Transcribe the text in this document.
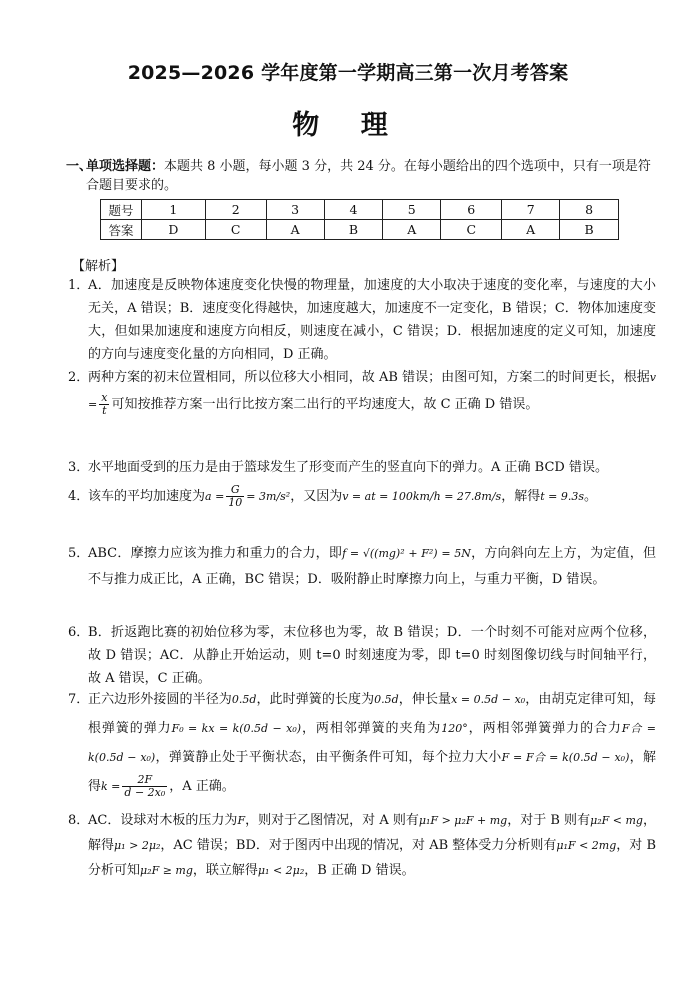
2025—2026 学年度第一学期高三第一次月考答案
物 理
一、
单项选择题：本题共 8 小题，每小题 3 分，共 24 分。在每小题给出的四个选项中，只有一项是符合题目要求的。
题号	1	2	3	4	5	6	7	8
答案	D	C	A	B	A	C	A	B
【解析】
1．
A．加速度是反映物体速度变化快慢的物理量，加速度的大小取决于速度的变化率，与速度的大小无关，A 错误；B．速度变化得越快，加速度越大，加速度不一定变化，B 错误；C．物体加速度变大，但如果加速度和速度方向相反，则速度在减小，C 错误；D．根据加速度的定义可知，加速度的方向与速度变化量的方向相同，D 正确。
2．
两种方案的初末位置相同，所以位移大小相同，故 AB 错误；由图可知，方案二的时间更长，根据$v = \frac{x}{t}$ 可知按推荐方案一出行比按方案二出行的平均速度大，故 C 正确 D 错误。
3．
水平地面受到的压力是由于篮球发生了形变而产生的竖直向下的弹力。A 正确 BCD 错误。
4．
该车的平均加速度为$a = \frac{G}{10} = 3m/s^2$，又因为v = at = 100km/h = 27.8m/s，解得t = 9.3s。
5．
ABC．摩擦力应该为推力和重力的合力，即f = √((mg)² + F²) = 5N，方向斜向左上方，为定值，但不与推力成正比，A 正确，BC 错误；D．吸附静止时摩擦力向上，与重力平衡，D 错误。
6．
B．折返跑比赛的初始位移为零，末位移也为零，故 B 错误；D．一个时刻不可能对应两个位移，故 D 错误；AC．从静止开始运动，则 t=0 时刻速度为零，即 t=0 时刻图像切线与时间轴平行，故 A 错误，C 正确。
7．
正六边形外接圆的半径为0.5d，此时弹簧的长度为0.5d，伸长量x = 0.5d − x₀，由胡克定律可知，每根弹簧的弹力F₀ = kx = k(0.5d − x₀)，两相邻弹簧的夹角为120°，两相邻弹簧弹力的合力F合 = k(0.5d − x₀)，弹簧静止处于平衡状态，由平衡条件可知，每个拉力大小F = F合 = k(0.5d − x₀)，解得$k = \frac{2F}{\text{d − 2x₀}}$ ，A 正确。
8．
AC．设球对木板的压力为F，则对于乙图情况，对 A 则有μ₁F > μ₂F + mg，对于 B 则有μ₂F < mg，解得μ₁ > 2μ₂，AC 错误；BD．对于图丙中出现的情况，对 AB 整体受力分析则有μ₁F < 2mg，对 B 分析可知μ₂F ≥ mg，联立解得μ₁ < 2μ₂，B 正确 D 错误。
